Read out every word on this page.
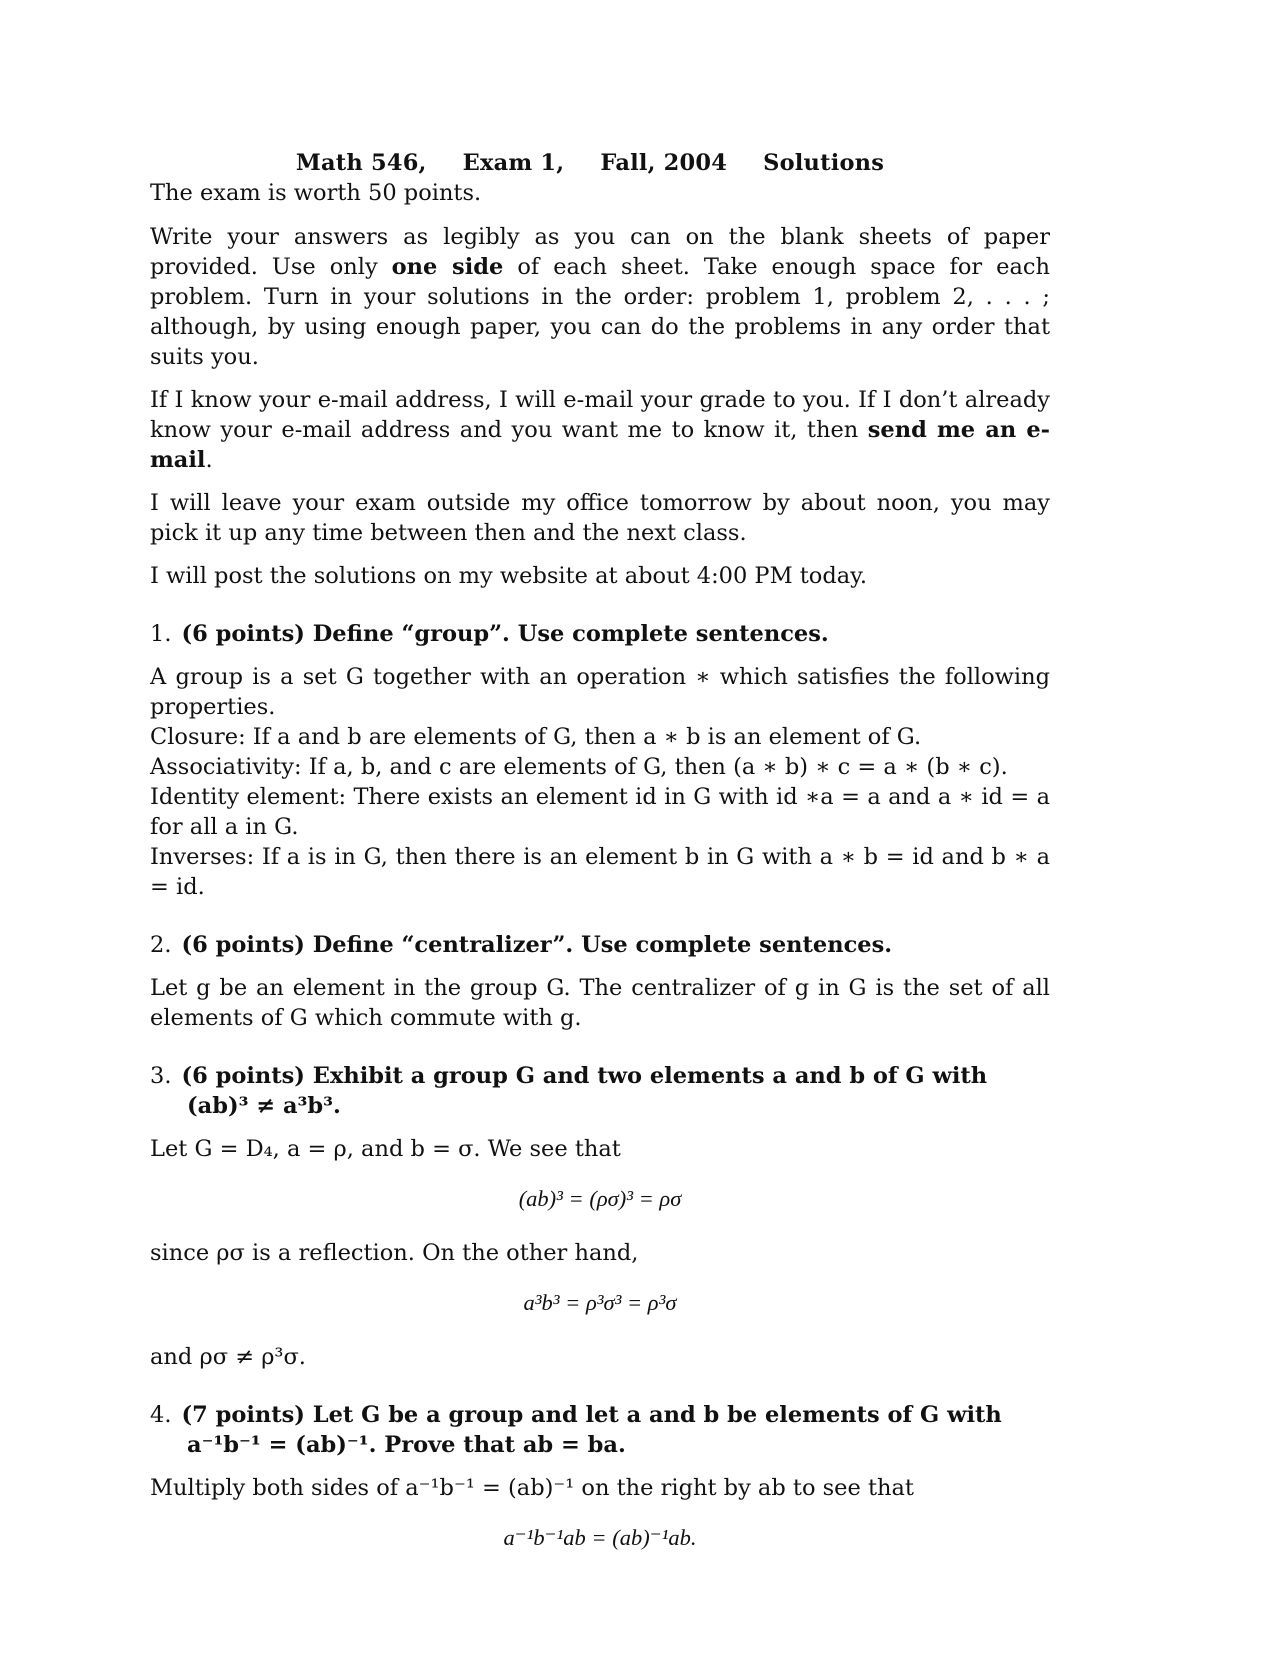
Math 546, Exam 1, Fall, 2004 Solutions
The exam is worth 50 points.
Write your answers as legibly as you can on the blank sheets of paper provided. Use only one side of each sheet. Take enough space for each problem. Turn in your solutions in the order: problem 1, problem 2, . . . ; although, by using enough paper, you can do the problems in any order that suits you.
If I know your e-mail address, I will e-mail your grade to you. If I don’t already know your e-mail address and you want me to know it, then send me an e-mail.
I will leave your exam outside my office tomorrow by about noon, you may pick it up any time between then and the next class.
I will post the solutions on my website at about 4:00 PM today.
1. (6 points) Define “group”. Use complete sentences.
A group is a set G together with an operation ∗ which satisfies the following properties.
Closure: If a and b are elements of G, then a ∗ b is an element of G.
Associativity: If a, b, and c are elements of G, then (a ∗ b) ∗ c = a ∗ (b ∗ c).
Identity element: There exists an element id in G with id ∗a = a and a ∗ id = a for all a in G.
Inverses: If a is in G, then there is an element b in G with a ∗ b = id and b ∗ a = id.
2. (6 points) Define “centralizer”. Use complete sentences.
Let g be an element in the group G. The centralizer of g in G is the set of all elements of G which commute with g.
3. (6 points) Exhibit a group G and two elements a and b of G with (ab)³ ≠ a³b³.
Let G = D₄, a = ρ, and b = σ. We see that
(ab)³ = (ρσ)³ = ρσ
since ρσ is a reflection. On the other hand,
a³b³ = ρ³σ³ = ρ³σ
and ρσ ≠ ρ³σ.
4. (7 points) Let G be a group and let a and b be elements of G with a⁻¹b⁻¹ = (ab)⁻¹. Prove that ab = ba.
Multiply both sides of a⁻¹b⁻¹ = (ab)⁻¹ on the right by ab to see that
a⁻¹b⁻¹ab = (ab)⁻¹ab.
